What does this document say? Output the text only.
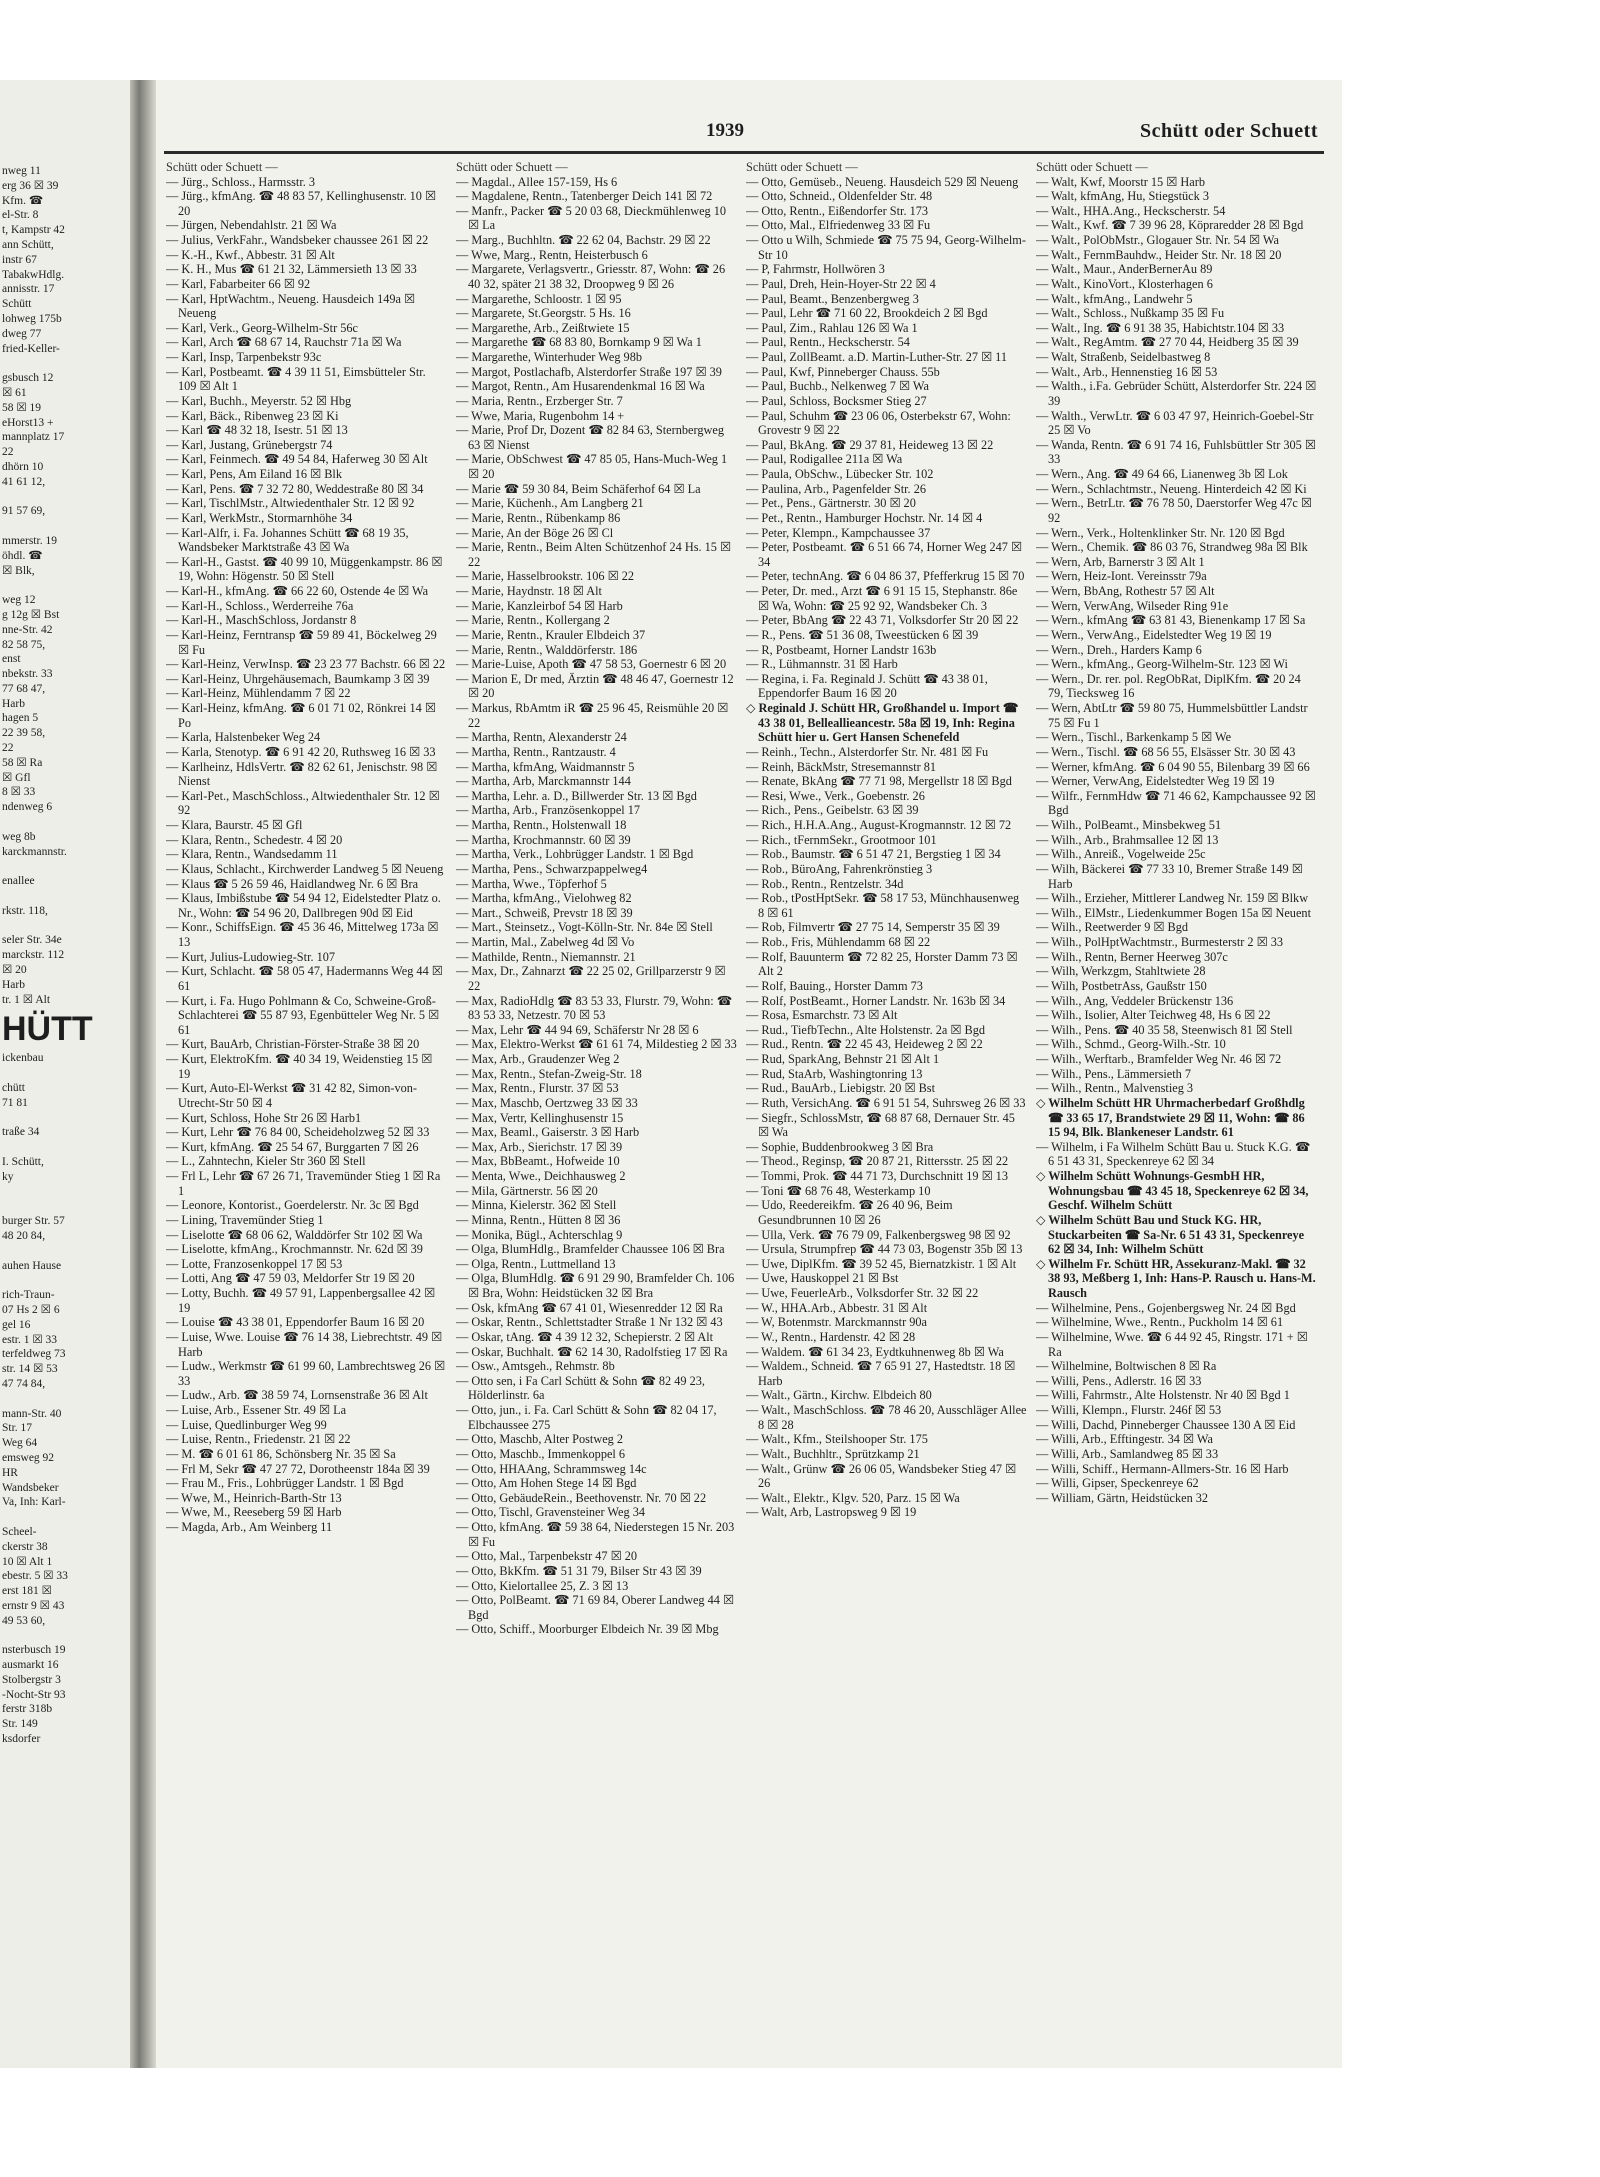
nweg 11
erg 36 ☒ 39
Kfm. ☎
el-Str. 8
t, Kampstr 42
ann Schütt,
instr 67
TabakwHdlg.
annisstr. 17
Schütt
lohweg 175b
dweg 77
fried-Keller-
gsbusch 12
☒ 61
58 ☒ 19
eHorst13 +
mannplatz 17
22
dhörn 10
41 61 12,
91 57 69,
mmerstr. 19
öhdl. ☎
☒ Blk,
weg 12
g 12g ☒ Bst
nne-Str. 42
82 58 75,
enst
nbekstr. 33
77 68 47,
Harb
hagen 5
22 39 58,
22
58 ☒ Ra
☒ Gfl
8 ☒ 33
ndenweg 6
weg 8b
karckmannstr.
enallee
rkstr. 118,
seler Str. 34e
marckstr. 112
☒ 20
Harb
tr. 1 ☒ Alt
HÜTT
ickenbau
chütt
71 81
traße 34
I. Schütt,
ky
burger Str. 57
48 20 84,
auhen Hause
rich-Traun-
07 Hs 2 ☒ 6
gel 16
estr. 1 ☒ 33
terfeldweg 73
str. 14 ☒ 53
47 74 84,
mann-Str. 40
Str. 17
Weg 64
emsweg 92
HR
Wandsbeker
Va, Inh: Karl-
Scheel-
ckerstr 38
10 ☒ Alt 1
ebestr. 5 ☒ 33
erst 181 ☒
ernstr 9 ☒ 43
49 53 60,
nsterbusch 19
ausmarkt 16
Stolbergstr 3
-Nocht-Str 93
ferstr 318b
Str. 149
ksdorfer
1939	Schütt oder Schuett
Schütt oder Schuett —
— Jürg., Schloss., Harmsstr. 3
— Jürg., kfmAng. ☎ 48 83 57, Kellinghusenstr. 10 ☒ 20
— Jürgen, Nebendahlstr. 21 ☒ Wa
— Julius, VerkFahr., Wandsbeker chaussee 261 ☒ 22
— K.-H., Kwf., Abbestr. 31 ☒ Alt
— K. H., Mus ☎ 61 21 32, Lämmersieth 13 ☒ 33
— Karl, Fabarbeiter 66 ☒ 92
— Karl, HptWachtm., Neueng. Hausdeich 149a ☒ Neueng
— Karl, Verk., Georg-Wilhelm-Str 56c
— Karl, Arch ☎ 68 67 14, Rauchstr 71a ☒ Wa
— Karl, Insp, Tarpenbekstr 93c
— Karl, Postbeamt. ☎ 4 39 11 51, Eimsbütteler Str. 109 ☒ Alt 1
— Karl, Buchh., Meyerstr. 52 ☒ Hbg
— Karl, Bäck., Ribenweg 23 ☒ Ki
— Karl ☎ 48 32 18, Isestr. 51 ☒ 13
— Karl, Justang, Grünebergstr 74
— Karl, Feinmech. ☎ 49 54 84, Haferweg 30 ☒ Alt
— Karl, Pens, Am Eiland 16 ☒ Blk
— Karl, Pens. ☎ 7 32 72 80, Weddestraße 80 ☒ 34
— Karl, TischlMstr., Altwiedenthaler Str. 12 ☒ 92
— Karl, WerkMstr., Stormarnhöhe 34
— Karl-Alfr, i. Fa. Johannes Schütt ☎ 68 19 35, Wandsbeker Marktstraße 43 ☒ Wa
— Karl-H., Gastst. ☎ 40 99 10, Müggenkampstr. 86 ☒ 19, Wohn: Högenstr. 50 ☒ Stell
— Karl-H., kfmAng. ☎ 66 22 60, Ostende 4e ☒ Wa
— Karl-H., Schloss., Werderreihe 76a
— Karl-H., MaschSchloss, Jordanstr 8
— Karl-Heinz, Ferntransp ☎ 59 89 41, Böckelweg 29 ☒ Fu
— Karl-Heinz, VerwInsp. ☎ 23 23 77 Bachstr. 66 ☒ 22
— Karl-Heinz, Uhrgehäusemach, Baumkamp 3 ☒ 39
— Karl-Heinz, Mühlendamm 7 ☒ 22
— Karl-Heinz, kfmAng. ☎ 6 01 71 02, Rönkrei 14 ☒ Po
— Karla, Halstenbeker Weg 24
— Karla, Stenotyp. ☎ 6 91 42 20, Ruthsweg 16 ☒ 33
— Karlheinz, HdlsVertr. ☎ 82 62 61, Jenischstr. 98 ☒ Nienst
— Karl-Pet., MaschSchloss., Altwiedenthaler Str. 12 ☒ 92
— Klara, Baurstr. 45 ☒ Gfl
— Klara, Rentn., Schedestr. 4 ☒ 20
— Klara, Rentn., Wandsedamm 11
— Klaus, Schlacht., Kirchwerder Landweg 5 ☒ Neueng
— Klaus ☎ 5 26 59 46, Haidlandweg Nr. 6 ☒ Bra
— Klaus, Imbißstube ☎ 54 94 12, Eidelstedter Platz o. Nr., Wohn: ☎ 54 96 20, Dallbregen 90d ☒ Eid
— Konr., SchiffsEign. ☎ 45 36 46, Mittelweg 173a ☒ 13
— Kurt, Julius-Ludowieg-Str. 107
— Kurt, Schlacht. ☎ 58 05 47, Hadermanns Weg 44 ☒ 61
— Kurt, i. Fa. Hugo Pohlmann & Co, Schweine-Groß-Schlachterei ☎ 55 87 93, Egenbütteler Weg Nr. 5 ☒ 61
— Kurt, BauArb, Christian-Förster-Straße 38 ☒ 20
— Kurt, ElektroKfm. ☎ 40 34 19, Weidenstieg 15 ☒ 19
— Kurt, Auto-El-Werkst ☎ 31 42 82, Simon-von-Utrecht-Str 50 ☒ 4
— Kurt, Schloss, Hohe Str 26 ☒ Harb1
— Kurt, Lehr ☎ 76 84 00, Scheideholzweg 52 ☒ 33
— Kurt, kfmAng. ☎ 25 54 67, Burggarten 7 ☒ 26
— L., Zahntechn, Kieler Str 360 ☒ Stell
— Frl L, Lehr ☎ 67 26 71, Travemünder Stieg 1 ☒ Ra 1
— Leonore, Kontorist., Goerdelerstr. Nr. 3c ☒ Bgd
— Lining, Travemünder Stieg 1
— Liselotte ☎ 68 06 62, Walddörfer Str 102 ☒ Wa
— Liselotte, kfmAng., Krochmannstr. Nr. 62d ☒ 39
— Lotte, Franzosenkoppel 17 ☒ 53
— Lotti, Ang ☎ 47 59 03, Meldorfer Str 19 ☒ 20
— Lotty, Buchh. ☎ 49 57 91, Lappenbergsallee 42 ☒ 19
— Louise ☎ 43 38 01, Eppendorfer Baum 16 ☒ 20
— Luise, Wwe. Louise ☎ 76 14 38, Liebrechtstr. 49 ☒ Harb
— Ludw., Werkmstr ☎ 61 99 60, Lambrechtsweg 26 ☒ 33
— Ludw., Arb. ☎ 38 59 74, Lornsenstraße 36 ☒ Alt
— Luise, Arb., Essener Str. 49 ☒ La
— Luise, Quedlinburger Weg 99
— Luise, Rentn., Friedenstr. 21 ☒ 22
— M. ☎ 6 01 61 86, Schönsberg Nr. 35 ☒ Sa
— Frl M, Sekr ☎ 47 27 72, Dorotheenstr 184a ☒ 39
— Frau M., Fris., Lohbrügger Landstr. 1 ☒ Bgd
— Wwe, M., Heinrich-Barth-Str 13
— Wwe, M., Reeseberg 59 ☒ Harb
— Magda, Arb., Am Weinberg 11
Schütt oder Schuett —
— Magdal., Allee 157-159, Hs 6
— Magdalene, Rentn., Tatenberger Deich 141 ☒ 72
— Manfr., Packer ☎ 5 20 03 68, Dieckmühlenweg 10 ☒ La
— Marg., Buchhltn. ☎ 22 62 04, Bachstr. 29 ☒ 22
— Wwe, Marg., Rentn, Heisterbusch 6
— Margarete, Verlagsvertr., Griesstr. 87, Wohn: ☎ 26 40 32, später 21 38 32, Droopweg 9 ☒ 26
— Margarethe, Schloostr. 1 ☒ 95
— Margarete, St.Georgstr. 5 Hs. 16
— Margarethe, Arb., Zeißtwiete 15
— Margarethe ☎ 68 83 80, Bornkamp 9 ☒ Wa 1
— Margarethe, Winterhuder Weg 98b
— Margot, Postlachafb, Alsterdorfer Straße 197 ☒ 39
— Margot, Rentn., Am Husarendenkmal 16 ☒ Wa
— Maria, Rentn., Erzberger Str. 7
— Wwe, Maria, Rugenbohm 14 +
— Marie, Prof Dr, Dozent ☎ 82 84 63, Sternbergweg 63 ☒ Nienst
— Marie, ObSchwest ☎ 47 85 05, Hans-Much-Weg 1 ☒ 20
— Marie ☎ 59 30 84, Beim Schäferhof 64 ☒ La
— Marie, Küchenh., Am Langberg 21
— Marie, Rentn., Rübenkamp 86
— Marie, An der Böge 26 ☒ Cl
— Marie, Rentn., Beim Alten Schützenhof 24 Hs. 15 ☒ 22
— Marie, Hasselbrookstr. 106 ☒ 22
— Marie, Haydnstr. 18 ☒ Alt
— Marie, Kanzleirbof 54 ☒ Harb
— Marie, Rentn., Kollergang 2
— Marie, Rentn., Krauler Elbdeich 37
— Marie, Rentn., Walddörferstr. 186
— Marie-Luise, Apoth ☎ 47 58 53, Goernestr 6 ☒ 20
— Marion E, Dr med, Ärztin ☎ 48 46 47, Goernestr 12 ☒ 20
— Markus, RbAmtm iR ☎ 25 96 45, Reismühle 20 ☒ 22
— Martha, Rentn, Alexanderstr 24
— Martha, Rentn., Rantzaustr. 4
— Martha, kfmAng, Waidmannstr 5
— Martha, Arb, Marckmannstr 144
— Martha, Lehr. a. D., Billwerder Str. 13 ☒ Bgd
— Martha, Arb., Französenkoppel 17
— Martha, Rentn., Holstenwall 18
— Martha, Krochmannstr. 60 ☒ 39
— Martha, Verk., Lohbrügger Landstr. 1 ☒ Bgd
— Martha, Pens., Schwarzpappelweg4
— Martha, Wwe., Töpferhof 5
— Martha, kfmAng., Vielohweg 82
— Mart., Schweiß, Prevstr 18 ☒ 39
— Mart., Steinsetz., Vogt-Kölln-Str. Nr. 84e ☒ Stell
— Martin, Mal., Zabelweg 4d ☒ Vo
— Mathilde, Rentn., Niemannstr. 21
— Max, Dr., Zahnarzt ☎ 22 25 02, Grillparzerstr 9 ☒ 22
— Max, RadioHdlg ☎ 83 53 33, Flurstr. 79, Wohn: ☎ 83 53 33, Netzestr. 70 ☒ 53
— Max, Lehr ☎ 44 94 69, Schäferstr Nr 28 ☒ 6
— Max, Elektro-Werkst ☎ 61 61 74, Mildestieg 2 ☒ 33
— Max, Arb., Graudenzer Weg 2
— Max, Rentn., Stefan-Zweig-Str. 18
— Max, Rentn., Flurstr. 37 ☒ 53
— Max, Maschb, Oertzweg 33 ☒ 33
— Max, Vertr, Kellinghusenstr 15
— Max, Beaml., Gaiserstr. 3 ☒ Harb
— Max, Arb., Sierichstr. 17 ☒ 39
— Max, BbBeamt., Hofweide 10
— Menta, Wwe., Deichhausweg 2
— Mila, Gärtnerstr. 56 ☒ 20
— Minna, Kielerstr. 362 ☒ Stell
— Minna, Rentn., Hütten 8 ☒ 36
— Monika, Bügl., Achterschlag 9
— Olga, BlumHdlg., Bramfelder Chaussee 106 ☒ Bra
— Olga, Rentn., Luttmelland 13
— Olga, BlumHdlg. ☎ 6 91 29 90, Bramfelder Ch. 106 ☒ Bra, Wohn: Heidstücken 32 ☒ Bra
— Osk, kfmAng ☎ 67 41 01, Wiesenredder 12 ☒ Ra
— Oskar, Rentn., Schlettstadter Straße 1 Nr 132 ☒ 43
— Oskar, tAng. ☎ 4 39 12 32, Schepierstr. 2 ☒ Alt
— Oskar, Buchhalt. ☎ 62 14 30, Radolfstieg 17 ☒ Ra
— Osw., Amtsgeh., Rehmstr. 8b
— Otto sen, i Fa Carl Schütt & Sohn ☎ 82 49 23, Hölderlinstr. 6a
— Otto, jun., i. Fa. Carl Schütt & Sohn ☎ 82 04 17, Elbchaussee 275
— Otto, Maschb, Alter Postweg 2
— Otto, Maschb., Immenkoppel 6
— Otto, HHAAng, Schrammsweg 14c
— Otto, Am Hohen Stege 14 ☒ Bgd
— Otto, GebäudeRein., Beethovenstr. Nr. 70 ☒ 22
— Otto, Tischl, Gravensteiner Weg 34
— Otto, kfmAng. ☎ 59 38 64, Niederstegen 15 Nr. 203 ☒ Fu
— Otto, Mal., Tarpenbekstr 47 ☒ 20
— Otto, BkKfm. ☎ 51 31 79, Bilser Str 43 ☒ 39
— Otto, Kielortallee 25, Z. 3 ☒ 13
— Otto, PolBeamt. ☎ 71 69 84, Oberer Landweg 44 ☒ Bgd
— Otto, Schiff., Moorburger Elbdeich Nr. 39 ☒ Mbg
Schütt oder Schuett —
— Otto, Gemüseb., Neueng. Hausdeich 529 ☒ Neueng
— Otto, Schneid., Oldenfelder Str. 48
— Otto, Rentn., Eißendorfer Str. 173
— Otto, Mal., Elfriedenweg 33 ☒ Fu
— Otto u Wilh, Schmiede ☎ 75 75 94, Georg-Wilhelm-Str 10
— P, Fahrmstr, Hollwören 3
— Paul, Dreh, Hein-Hoyer-Str 22 ☒ 4
— Paul, Beamt., Benzenbergweg 3
— Paul, Lehr ☎ 71 60 22, Brookdeich 2 ☒ Bgd
— Paul, Zim., Rahlau 126 ☒ Wa 1
— Paul, Rentn., Heckscherstr. 54
— Paul, ZollBeamt. a.D. Martin-Luther-Str. 27 ☒ 11
— Paul, Kwf, Pinneberger Chauss. 55b
— Paul, Buchb., Nelkenweg 7 ☒ Wa
— Paul, Schloss, Bocksmer Stieg 27
— Paul, Schuhm ☎ 23 06 06, Osterbekstr 67, Wohn: Grovestr 9 ☒ 22
— Paul, BkAng. ☎ 29 37 81, Heideweg 13 ☒ 22
— Paul, Rodigallee 211a ☒ Wa
— Paula, ObSchw., Lübecker Str. 102
— Paulina, Arb., Pagenfelder Str. 26
— Pet., Pens., Gärtnerstr. 30 ☒ 20
— Pet., Rentn., Hamburger Hochstr. Nr. 14 ☒ 4
— Peter, Klempn., Kampchaussee 37
— Peter, Postbeamt. ☎ 6 51 66 74, Horner Weg 247 ☒ 34
— Peter, technAng. ☎ 6 04 86 37, Pfefferkrug 15 ☒ 70
— Peter, Dr. med., Arzt ☎ 6 91 15 15, Stephanstr. 86e ☒ Wa, Wohn: ☎ 25 92 92, Wandsbeker Ch. 3
— Peter, BbAng ☎ 22 43 71, Volksdorfer Str 20 ☒ 22
— R., Pens. ☎ 51 36 08, Tweestücken 6 ☒ 39
— R, Postbeamt, Horner Landstr 163b
— R., Lühmannstr. 31 ☒ Harb
— Regina, i. Fa. Reginald J. Schütt ☎ 43 38 01, Eppendorfer Baum 16 ☒ 20
◇ Reginald J. Schütt HR, Großhandel u. Import ☎ 43 38 01, Belleallieancestr. 58a ☒ 19, Inh: Regina Schütt hier u. Gert Hansen Schenefeld
— Reinh., Techn., Alsterdorfer Str. Nr. 481 ☒ Fu
— Reinh, BäckMstr, Stresemannstr 81
— Renate, BkAng ☎ 77 71 98, Mergellstr 18 ☒ Bgd
— Resi, Wwe., Verk., Goebenstr. 26
— Rich., Pens., Geibelstr. 63 ☒ 39
— Rich., H.H.A.Ang., August-Krogmannstr. 12 ☒ 72
— Rich., tFernmSekr., Grootmoor 101
— Rob., Baumstr. ☎ 6 51 47 21, Bergstieg 1 ☒ 34
— Rob., BüroAng, Fahrenkrönstieg 3
— Rob., Rentn., Rentzelstr. 34d
— Rob., tPostHptSekr. ☎ 58 17 53, Münchhausenweg 8 ☒ 61
— Rob, Filmvertr ☎ 27 75 14, Semperstr 35 ☒ 39
— Rob., Fris, Mühlendamm 68 ☒ 22
— Rolf, Bauunterm ☎ 72 82 25, Horster Damm 73 ☒ Alt 2
— Rolf, Bauing., Horster Damm 73
— Rolf, PostBeamt., Horner Landstr. Nr. 163b ☒ 34
— Rosa, Esmarchstr. 73 ☒ Alt
— Rud., TiefbTechn., Alte Holstenstr. 2a ☒ Bgd
— Rud., Rentn. ☎ 22 45 43, Heideweg 2 ☒ 22
— Rud, SparkAng, Behnstr 21 ☒ Alt 1
— Rud, StaArb, Washingtonring 13
— Rud., BauArb., Liebigstr. 20 ☒ Bst
— Ruth, VersichAng. ☎ 6 91 51 54, Suhrsweg 26 ☒ 33
— Siegfr., SchlossMstr, ☎ 68 87 68, Dernauer Str. 45 ☒ Wa
— Sophie, Buddenbrookweg 3 ☒ Bra
— Theod., Reginsp, ☎ 20 87 21, Rittersstr. 25 ☒ 22
— Tommi, Prok. ☎ 44 71 73, Durchschnitt 19 ☒ 13
— Toni ☎ 68 76 48, Westerkamp 10
— Udo, Reedereikfm. ☎ 26 40 96, Beim Gesundbrunnen 10 ☒ 26
— Ulla, Verk. ☎ 76 79 09, Falkenbergsweg 98 ☒ 92
— Ursula, Strumpfrep ☎ 44 73 03, Bogenstr 35b ☒ 13
— Uwe, DiplKfm. ☎ 39 52 45, Biernatzkistr. 1 ☒ Alt
— Uwe, Hauskoppel 21 ☒ Bst
— Uwe, FeuerleArb., Volksdorfer Str. 32 ☒ 22
— W., HHA.Arb., Abbestr. 31 ☒ Alt
— W, Botenmstr. Marckmannstr 90a
— W., Rentn., Hardenstr. 42 ☒ 28
— Waldem. ☎ 61 34 23, Eydtkuhnenweg 8b ☒ Wa
— Waldem., Schneid. ☎ 7 65 91 27, Hastedtstr. 18 ☒ Harb
— Walt., Gärtn., Kirchw. Elbdeich 80
— Walt., MaschSchloss. ☎ 78 46 20, Ausschläger Allee 8 ☒ 28
— Walt., Kfm., Steilshooper Str. 175
— Walt., Buchhltr., Sprützkamp 21
— Walt., Grünw ☎ 26 06 05, Wandsbeker Stieg 47 ☒ 26
— Walt., Elektr., Klgv. 520, Parz. 15 ☒ Wa
— Walt, Arb, Lastropsweg 9 ☒ 19
Schütt oder Schuett —
— Walt, Kwf, Moorstr 15 ☒ Harb
— Walt, kfmAng, Hu, Stiegstück 3
— Walt., HHA.Ang., Heckscherstr. 54
— Walt., Kwf. ☎ 7 39 96 28, Köpraredder 28 ☒ Bgd
— Walt., PolObMstr., Glogauer Str. Nr. 54 ☒ Wa
— Walt., FernmBauhdw., Heider Str. Nr. 18 ☒ 20
— Walt., Maur., AnderBernerAu 89
— Walt., KinoVort., Klosterhagen 6
— Walt., kfmAng., Landwehr 5
— Walt., Schloss., Nußkamp 35 ☒ Fu
— Walt., Ing. ☎ 6 91 38 35, Habichtstr.104 ☒ 33
— Walt., RegAmtm. ☎ 27 70 44, Heidberg 35 ☒ 39
— Walt, Straßenb, Seidelbastweg 8
— Walt., Arb., Hennenstieg 16 ☒ 53
— Walth., i.Fa. Gebrüder Schütt, Alsterdorfer Str. 224 ☒ 39
— Walth., VerwLtr. ☎ 6 03 47 97, Heinrich-Goebel-Str 25 ☒ Vo
— Wanda, Rentn. ☎ 6 91 74 16, Fuhlsbüttler Str 305 ☒ 33
— Wern., Ang. ☎ 49 64 66, Lianenweg 3b ☒ Lok
— Wern., Schlachtmstr., Neueng. Hinterdeich 42 ☒ Ki
— Wern., BetrLtr. ☎ 76 78 50, Daerstorfer Weg 47c ☒ 92
— Wern., Verk., Holtenklinker Str. Nr. 120 ☒ Bgd
— Wern., Chemik. ☎ 86 03 76, Strandweg 98a ☒ Blk
— Wern, Arb, Barnerstr 3 ☒ Alt 1
— Wern, Heiz-Iont. Vereinsstr 79a
— Wern, BbAng, Rothestr 57 ☒ Alt
— Wern, VerwAng, Wilseder Ring 91e
— Wern., kfmAng ☎ 63 81 43, Bienenkamp 17 ☒ Sa
— Wern., VerwAng., Eidelstedter Weg 19 ☒ 19
— Wern., Dreh., Harders Kamp 6
— Wern., kfmAng., Georg-Wilhelm-Str. 123 ☒ Wi
— Wern., Dr. rer. pol. RegObRat, DiplKfm. ☎ 20 24 79, Tiecksweg 16
— Wern, AbtLtr ☎ 59 80 75, Hummelsbüttler Landstr 75 ☒ Fu 1
— Wern., Tischl., Barkenkamp 5 ☒ We
— Wern., Tischl. ☎ 68 56 55, Elsässer Str. 30 ☒ 43
— Werner, kfmAng. ☎ 6 04 90 55, Bilenbarg 39 ☒ 66
— Werner, VerwAng, Eidelstedter Weg 19 ☒ 19
— Wilfr., FernmHdw ☎ 71 46 62, Kampchaussee 92 ☒ Bgd
— Wilh., PolBeamt., Minsbekweg 51
— Wilh., Arb., Brahmsallee 12 ☒ 13
— Wilh., Anreiß., Vogelweide 25c
— Wilh, Bäckerei ☎ 77 33 10, Bremer Straße 149 ☒ Harb
— Wilh., Erzieher, Mittlerer Landweg Nr. 159 ☒ Blkw
— Wilh., ElMstr., Liedenkummer Bogen 15a ☒ Neuent
— Wilh., Reetwerder 9 ☒ Bgd
— Wilh., PolHptWachtmstr., Burmesterstr 2 ☒ 33
— Wilh., Rentn, Berner Heerweg 307c
— Wilh, Werkzgm, Stahltwiete 28
— Wilh, PostbetrAss, Gaußstr 150
— Wilh., Ang, Veddeler Brückenstr 136
— Wilh., Isolier, Alter Teichweg 48, Hs 6 ☒ 22
— Wilh., Pens. ☎ 40 35 58, Steenwisch 81 ☒ Stell
— Wilh., Schmd., Georg-Wilh.-Str. 10
— Wilh., Werftarb., Bramfelder Weg Nr. 46 ☒ 72
— Wilh., Pens., Lämmersieth 7
— Wilh., Rentn., Malvenstieg 3
◇ Wilhelm Schütt HR Uhrmacherbedarf Großhdlg ☎ 33 65 17, Brandstwiete 29 ☒ 11, Wohn: ☎ 86 15 94, Blk. Blankeneser Landstr. 61
— Wilhelm, i Fa Wilhelm Schütt Bau u. Stuck K.G. ☎ 6 51 43 31, Speckenreye 62 ☒ 34
◇ Wilhelm Schütt Wohnungs-GesmbH HR, Wohnungsbau ☎ 43 45 18, Speckenreye 62 ☒ 34, Geschf. Wilhelm Schütt
◇ Wilhelm Schütt Bau und Stuck KG. HR, Stuckarbeiten ☎ Sa-Nr. 6 51 43 31, Speckenreye 62 ☒ 34, Inh: Wilhelm Schütt
◇ Wilhelm Fr. Schütt HR, Assekuranz-Makl. ☎ 32 38 93, Meßberg 1, Inh: Hans-P. Rausch u. Hans-M. Rausch
— Wilhelmine, Pens., Gojenbergsweg Nr. 24 ☒ Bgd
— Wilhelmine, Wwe., Rentn., Puckholm 14 ☒ 61
— Wilhelmine, Wwe. ☎ 6 44 92 45, Ringstr. 171 + ☒ Ra
— Wilhelmine, Boltwischen 8 ☒ Ra
— Willi, Pens., Adlerstr. 16 ☒ 33
— Willi, Fahrmstr., Alte Holstenstr. Nr 40 ☒ Bgd 1
— Willi, Klempn., Flurstr. 246f ☒ 53
— Willi, Dachd, Pinneberger Chaussee 130 A ☒ Eid
— Willi, Arb., Efftingestr. 34 ☒ Wa
— Willi, Arb., Samlandweg 85 ☒ 33
— Willi, Schiff., Hermann-Allmers-Str. 16 ☒ Harb
— Willi, Gipser, Speckenreye 62
— William, Gärtn, Heidstücken 32
